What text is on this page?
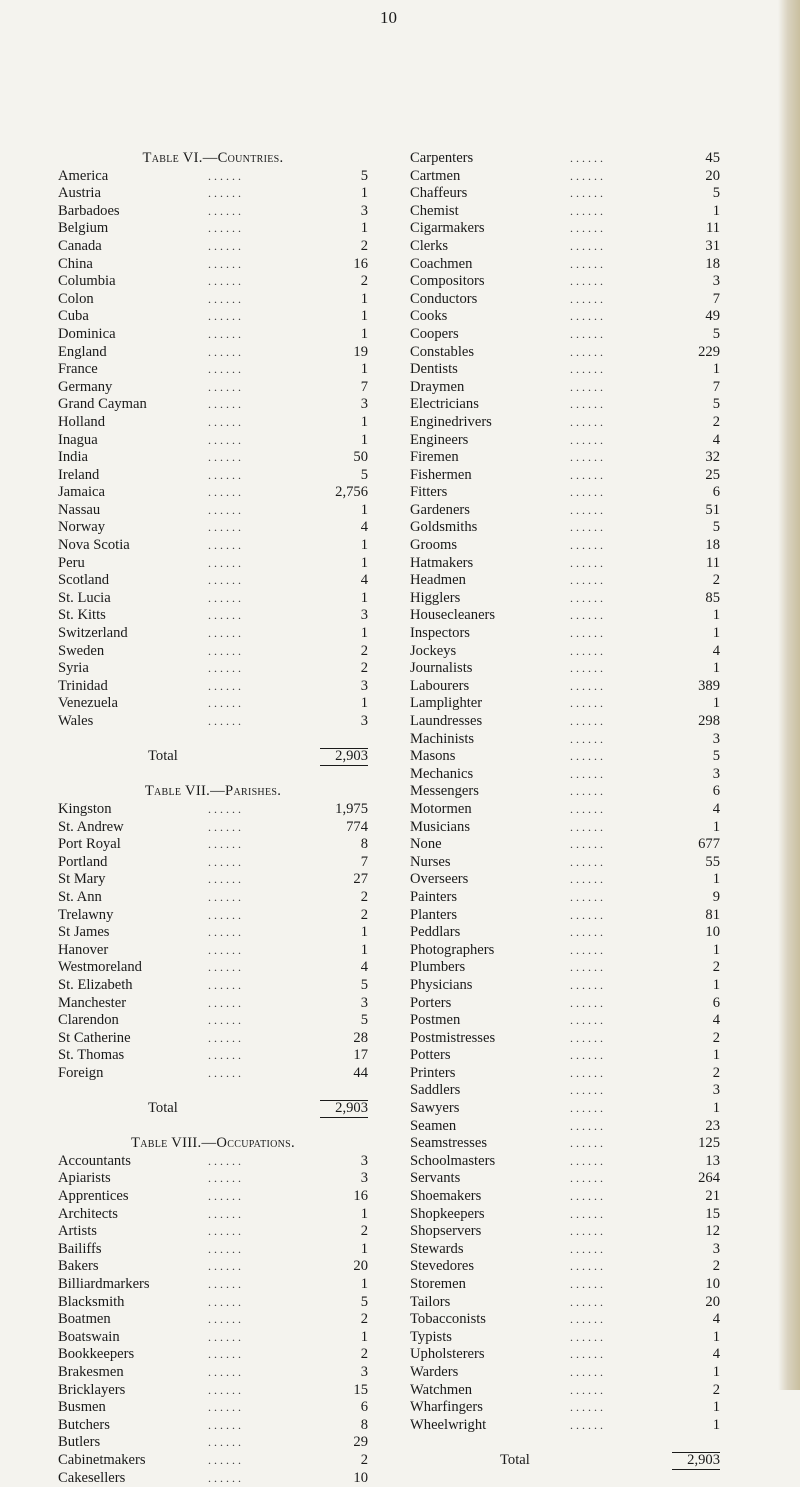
10
Table VI.—Countries.
America	. . . . . .	5
Austria	. . . . . .	1
Barbadoes	. . . . . .	3
Belgium	. . . . . .	1
Canada	. . . . . .	2
China	. . . . . .	16
Columbia	. . . . . .	2
Colon	. . . . . .	1
Cuba	. . . . . .	1
Dominica	. . . . . .	1
England	. . . . . .	19
France	. . . . . .	1
Germany	. . . . . .	7
Grand Cayman	. . . . . .	3
Holland	. . . . . .	1
Inagua	. . . . . .	1
India	. . . . . .	50
Ireland	. . . . . .	5
Jamaica	. . . . . .	2,756
Nassau	. . . . . .	1
Norway	. . . . . .	4
Nova Scotia	. . . . . .	1
Peru	. . . . . .	1
Scotland	. . . . . .	4
St. Lucia	. . . . . .	1
St. Kitts	. . . . . .	3
Switzerland	. . . . . .	1
Sweden	. . . . . .	2
Syria	. . . . . .	2
Trinidad	. . . . . .	3
Venezuela	. . . . . .	1
Wales	. . . . . .	3
Total	2,903
Table VII.—Parishes.
Kingston	. . . . . .	1,975
St. Andrew	. . . . . .	774
Port Royal	. . . . . .	8
Portland	. . . . . .	7
St Mary	. . . . . .	27
St. Ann	. . . . . .	2
Trelawny	. . . . . .	2
St James	. . . . . .	1
Hanover	. . . . . .	1
Westmoreland	. . . . . .	4
St. Elizabeth	. . . . . .	5
Manchester	. . . . . .	3
Clarendon	. . . . . .	5
St Catherine	. . . . . .	28
St. Thomas	. . . . . .	17
Foreign	. . . . . .	44
Total	2,903
Table VIII.—Occupations.
Accountants	. . . . . .	3
Apiarists	. . . . . .	3
Apprentices	. . . . . .	16
Architects	. . . . . .	1
Artists	. . . . . .	2
Bailiffs	. . . . . .	1
Bakers	. . . . . .	20
Billiardmarkers	. . . . . .	1
Blacksmith	. . . . . .	5
Boatmen	. . . . . .	2
Boatswain	. . . . . .	1
Bookkeepers	. . . . . .	2
Brakesmen	. . . . . .	3
Bricklayers	. . . . . .	15
Busmen	. . . . . .	6
Butchers	. . . . . .	8
Butlers	. . . . . .	29
Cabinetmakers	. . . . . .	2
Cakesellers	. . . . . .	10
Carpenters	. . . . . .	45
Cartmen	. . . . . .	20
Chaffeurs	. . . . . .	5
Chemist	. . . . . .	1
Cigarmakers	. . . . . .	11
Clerks	. . . . . .	31
Coachmen	. . . . . .	18
Compositors	. . . . . .	3
Conductors	. . . . . .	7
Cooks	. . . . . .	49
Coopers	. . . . . .	5
Constables	. . . . . .	229
Dentists	. . . . . .	1
Draymen	. . . . . .	7
Electricians	. . . . . .	5
Enginedrivers	. . . . . .	2
Engineers	. . . . . .	4
Firemen	. . . . . .	32
Fishermen	. . . . . .	25
Fitters	. . . . . .	6
Gardeners	. . . . . .	51
Goldsmiths	. . . . . .	5
Grooms	. . . . . .	18
Hatmakers	. . . . . .	11
Headmen	. . . . . .	2
Higglers	. . . . . .	85
Housecleaners	. . . . . .	1
Inspectors	. . . . . .	1
Jockeys	. . . . . .	4
Journalists	. . . . . .	1
Labourers	. . . . . .	389
Lamplighter	. . . . . .	1
Laundresses	. . . . . .	298
Machinists	. . . . . .	3
Masons	. . . . . .	5
Mechanics	. . . . . .	3
Messengers	. . . . . .	6
Motormen	. . . . . .	4
Musicians	. . . . . .	1
None	. . . . . .	677
Nurses	. . . . . .	55
Overseers	. . . . . .	1
Painters	. . . . . .	9
Planters	. . . . . .	81
Peddlars	. . . . . .	10
Photographers	. . . . . .	1
Plumbers	. . . . . .	2
Physicians	. . . . . .	1
Porters	. . . . . .	6
Postmen	. . . . . .	4
Postmistresses	. . . . . .	2
Potters	. . . . . .	1
Printers	. . . . . .	2
Saddlers	. . . . . .	3
Sawyers	. . . . . .	1
Seamen	. . . . . .	23
Seamstresses	. . . . . .	125
Schoolmasters	. . . . . .	13
Servants	. . . . . .	264
Shoemakers	. . . . . .	21
Shopkeepers	. . . . . .	15
Shopservers	. . . . . .	12
Stewards	. . . . . .	3
Stevedores	. . . . . .	2
Storemen	. . . . . .	10
Tailors	. . . . . .	20
Tobacconists	. . . . . .	4
Typists	. . . . . .	1
Upholsterers	. . . . . .	4
Warders	. . . . . .	1
Watchmen	. . . . . .	2
Wharfingers	. . . . . .	1
Wheelwright	. . . . . .	1
Total	2,903
